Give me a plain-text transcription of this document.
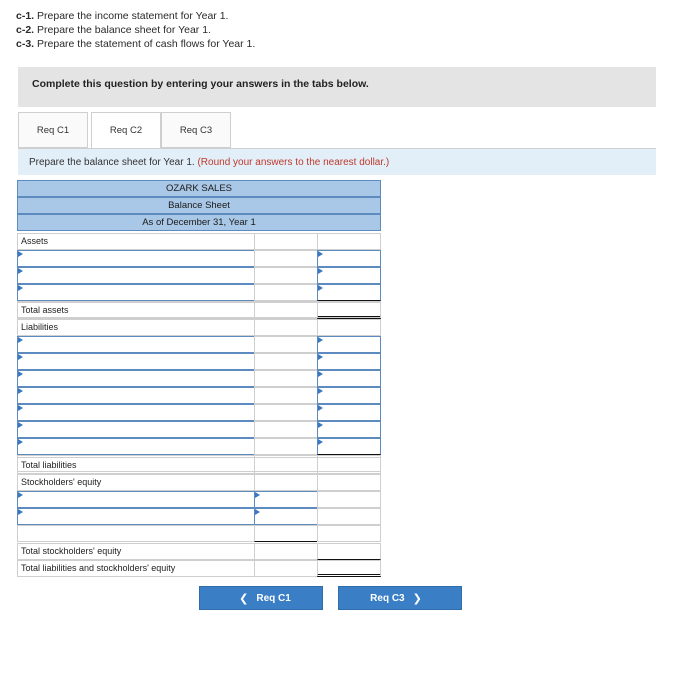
c-1. Prepare the income statement for Year 1.
c-2. Prepare the balance sheet for Year 1.
c-3. Prepare the statement of cash flows for Year 1.
Complete this question by entering your answers in the tabs below.
Req C1	Req C2	Req C3
Prepare the balance sheet for Year 1. (Round your answers to the nearest dollar.)
OZARK SALES
Balance Sheet
As of December 31, Year 1
Assets
Total assets
Liabilities
Total liabilities
Stockholders' equity
Total stockholders' equity
Total liabilities and stockholders' equity
❮ Req C1	Req C3 ❯
